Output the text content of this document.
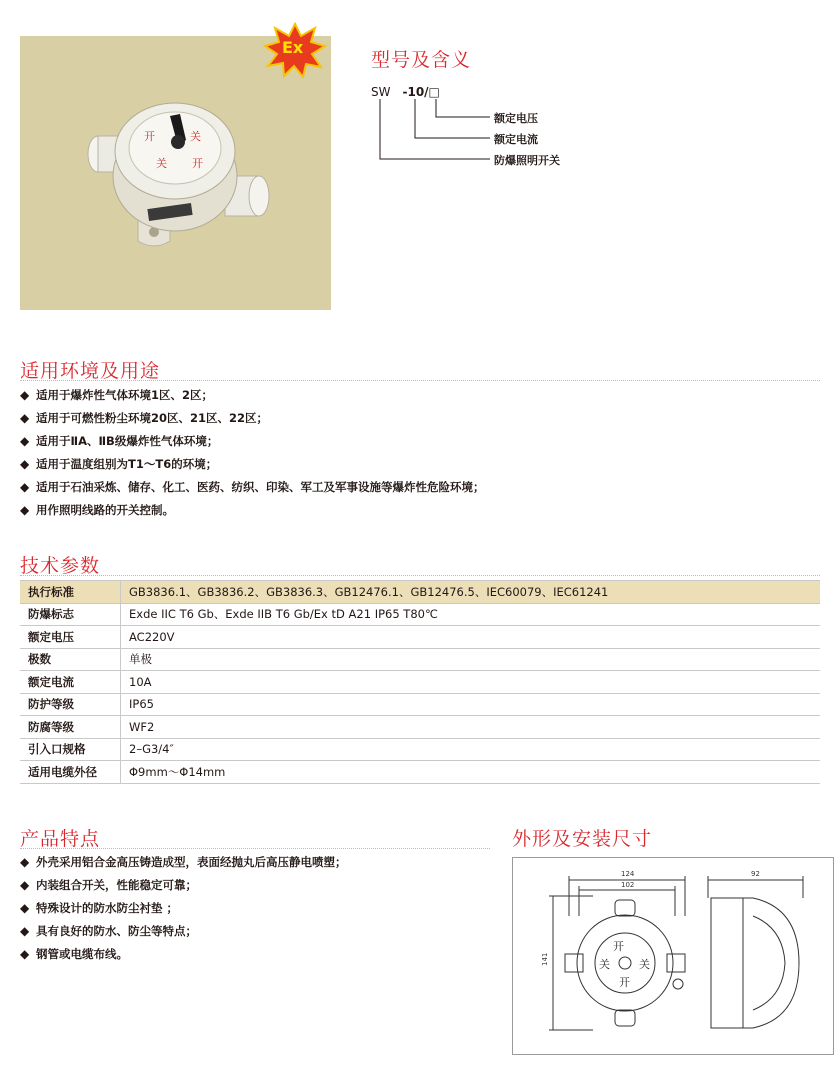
开	关
关 开
Ex
型号及含义
SW -10/□
额定电压
额定电流
防爆照明开关
适用环境及用途
◆ 适用于爆炸性气体环境1区、2区；
◆ 适用于可燃性粉尘环境20区、21区、22区；
◆ 适用于ⅡA、ⅡB级爆炸性气体环境；
◆ 适用于温度组别为T1～T6的环境；
◆ 适用于石油采炼、储存、化工、医药、纺织、印染、军工及军事设施等爆炸性危险环境；
◆ 用作照明线路的开关控制。
技术参数
执行标准	GB3836.1、GB3836.2、GB3836.3、GB12476.1、GB12476.5、IEC60079、IEC61241
防爆标志	Exde IIC T6 Gb、Exde IIB T6 Gb/Ex tD A21 IP65 T80℃
额定电压	AC220V
极数	单极
额定电流	10A
防护等级	IP65
防腐等级	WF2
引入口规格	2–G3/4″
适用电缆外径	Φ9mm～Φ14mm
产品特点
◆ 外壳采用铝合金高压铸造成型，表面经抛丸后高压静电喷塑；
◆ 内装组合开关，性能稳定可靠；
◆ 特殊设计的防水防尘衬垫 ；
◆ 具有良好的防水、防尘等特点；
◆ 钢管或电缆布线。
外形及安装尺寸
124
102
141
92
开
关	关
开
